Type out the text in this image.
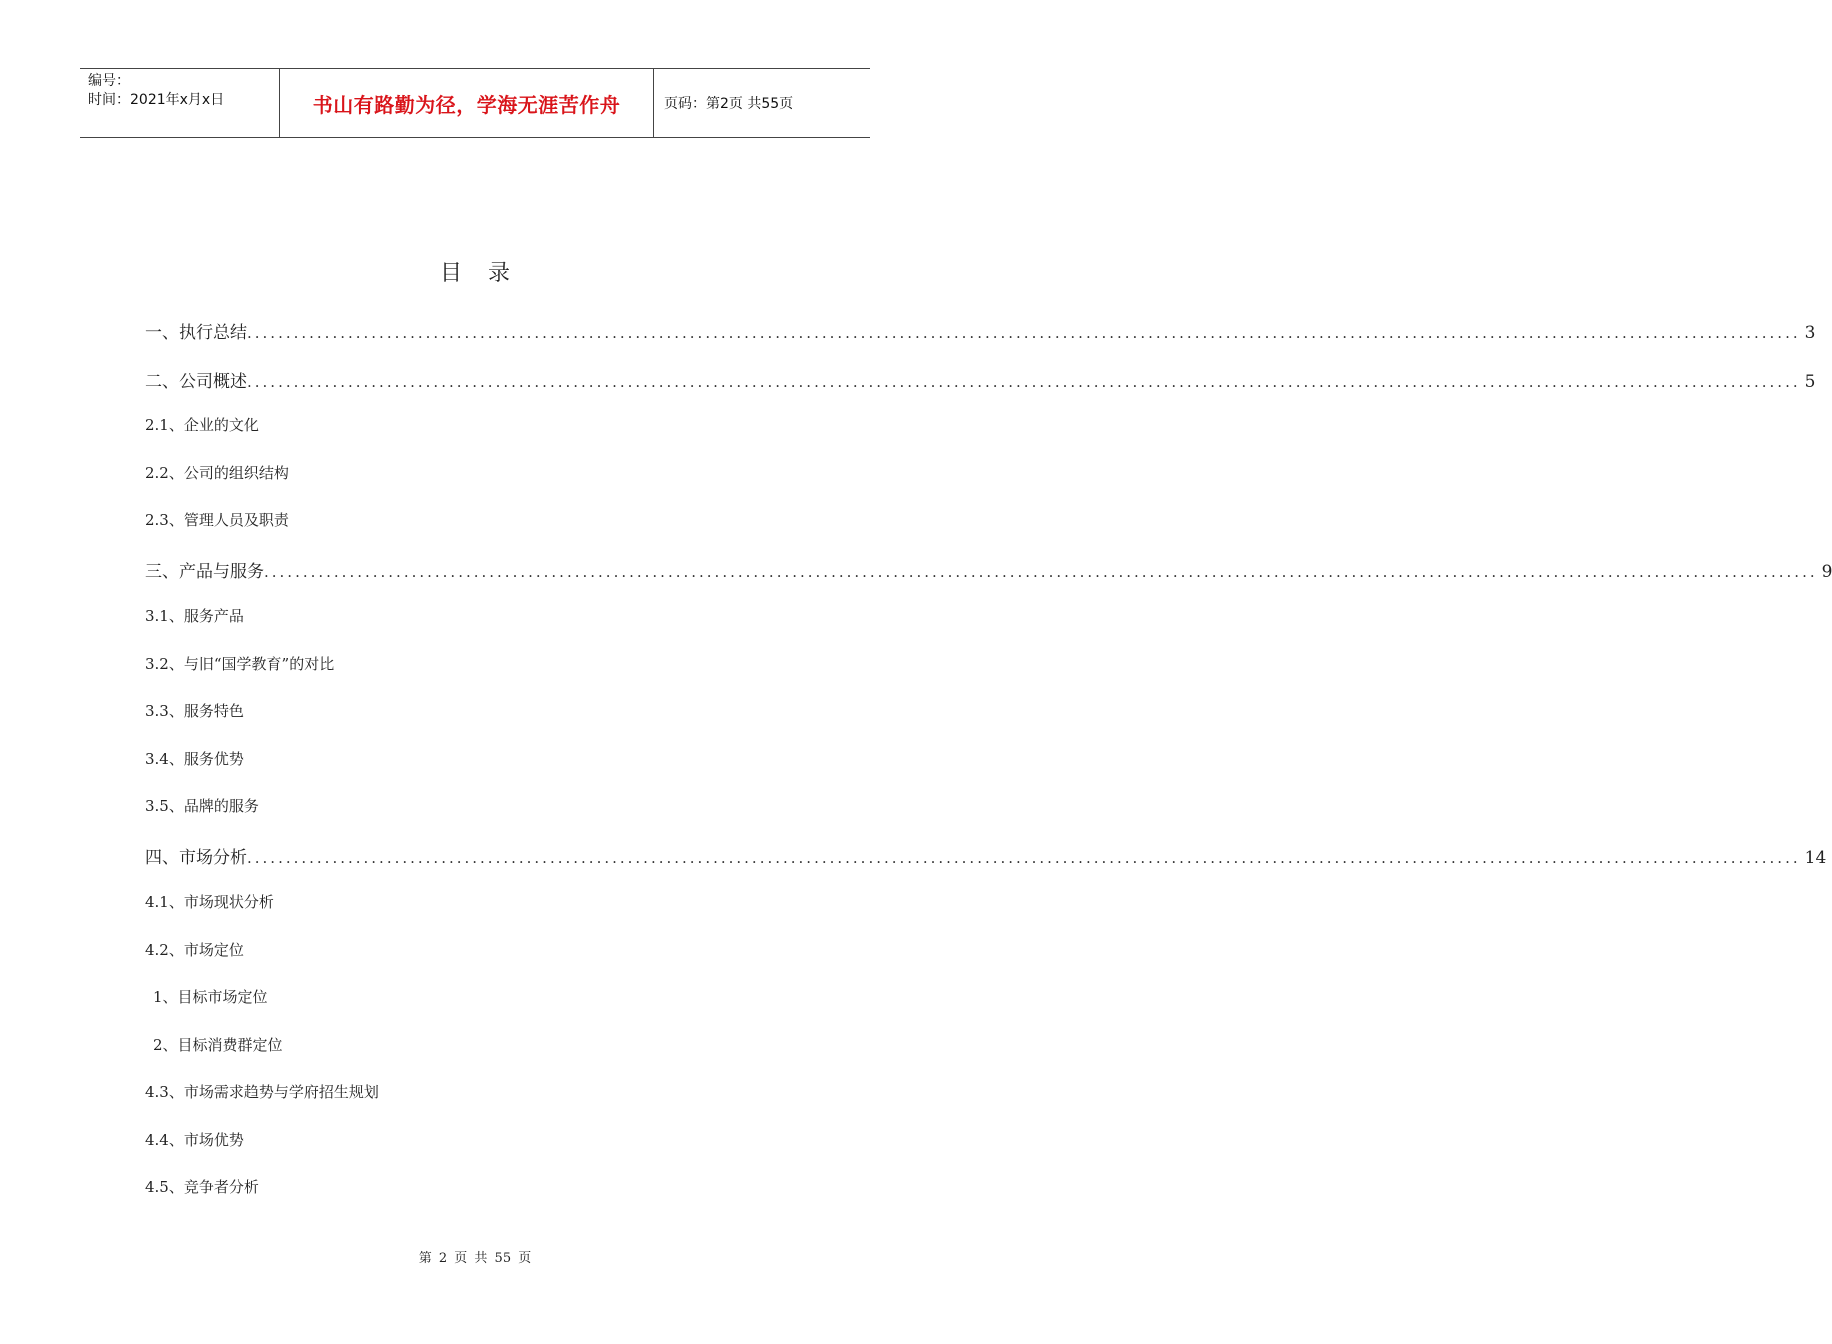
编号：
时间：2021年x月x日	书山有路勤为径，学海无涯苦作舟	页码：第2页 共55页
目录
一、执行总结 ........................................................................................................................................................................................................ 3
二、公司概述 ........................................................................................................................................................................................................ 5
2.1、企业的文化
2.2、公司的组织结构
2.3、管理人员及职责
三、产品与服务 ........................................................................................................................................................................................................ 9
3.1、服务产品
3.2、与旧“国学教育”的对比
3.3、服务特色
3.4、服务优势
3.5、品牌的服务
四、市场分析 ........................................................................................................................................................................................................ 14
4.1、市场现状分析
4.2、市场定位
1、目标市场定位
2、目标消费群定位
4.3、市场需求趋势与学府招生规划
4.4、市场优势
4.5、竞争者分析
第 2 页 共 55 页
